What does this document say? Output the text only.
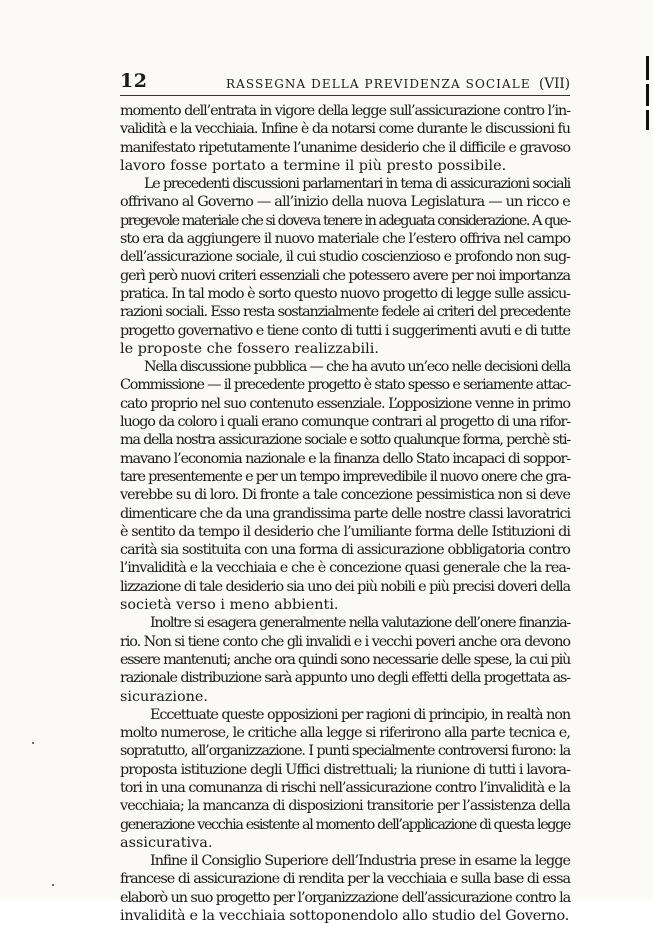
12	RASSEGNA DELLA PREVIDENZA SOCIALE (VII)
momento dell’entrata in vigore della legge sull’assicurazione contro l’in-
validità e la vecchiaia. Infine è da notarsi come durante le discussioni fu
manifestato ripetutamente l’unanime desiderio che il difficile e gravoso
lavoro fosse portato a termine il più presto possibile.
Le precedenti discussioni parlamentari in tema di assicurazioni sociali
offrivano al Governo — all’inizio della nuova Legislatura — un ricco e
pregevole materiale che si doveva tenere in adeguata considerazione. A que-
sto era da aggiungere il nuovo materiale che l’estero offriva nel campo
dell’assicurazione sociale, il cui studio coscienzioso e profondo non sug-
gerì però nuovi criteri essenziali che potessero avere per noi importanza
pratica. In tal modo è sorto questo nuovo progetto di legge sulle assicu-
razioni sociali. Esso resta sostanzialmente fedele ai criteri del precedente
progetto governativo e tiene conto di tutti i suggerimenti avuti e di tutte
le proposte che fossero realizzabili.
Nella discussione pubblica — che ha avuto un’eco nelle decisioni della
Commissione — il precedente progetto è stato spesso e seriamente attac-
cato proprio nel suo contenuto essenziale. L’opposizione venne in primo
luogo da coloro i quali erano comunque contrari al progetto di una rifor-
ma della nostra assicurazione sociale e sotto qualunque forma, perchè sti-
mavano l’economia nazionale e la finanza dello Stato incapaci di soppor-
tare presentemente e per un tempo imprevedibile il nuovo onere che gra-
verebbe su di loro. Di fronte a tale concezione pessimistica non si deve
dimenticare che da una grandissima parte delle nostre classi lavoratrici
è sentito da tempo il desiderio che l’umiliante forma delle Istituzioni di
carità sia sostituita con una forma di assicurazione obbligatoria contro
l’invalidità e la vecchiaia e che è concezione quasi generale che la rea-
lizzazione di tale desiderio sia uno dei più nobili e più precisi doveri della
società verso i meno abbienti.
Inoltre si esagera generalmente nella valutazione dell’onere finanzia-
rio. Non si tiene conto che gli invalidi e i vecchi poveri anche ora devono
essere mantenuti; anche ora quindi sono necessarie delle spese, la cui più
razionale distribuzione sarà appunto uno degli effetti della progettata as-
sicurazione.
Eccettuate queste opposizioni per ragioni di principio, in realtà non
molto numerose, le critiche alla legge si riferirono alla parte tecnica e,
sopratutto, all’organizzazione. I punti specialmente controversi furono: la
proposta istituzione degli Uffici distrettuali; la riunione di tutti i lavora-
tori in una comunanza di rischi nell’assicurazione contro l’invalidità e la
vecchiaia; la mancanza di disposizioni transitorie per l’assistenza della
generazione vecchia esistente al momento dell’applicazione di questa legge
assicurativa.
Infine il Consiglio Superiore dell’Industria prese in esame la legge
francese di assicurazione di rendita per la vecchiaia e sulla base di essa
elaborò un suo progetto per l’organizzazione dell’assicurazione contro la
invalidità e la vecchiaia sottoponendolo allo studio del Governo.
